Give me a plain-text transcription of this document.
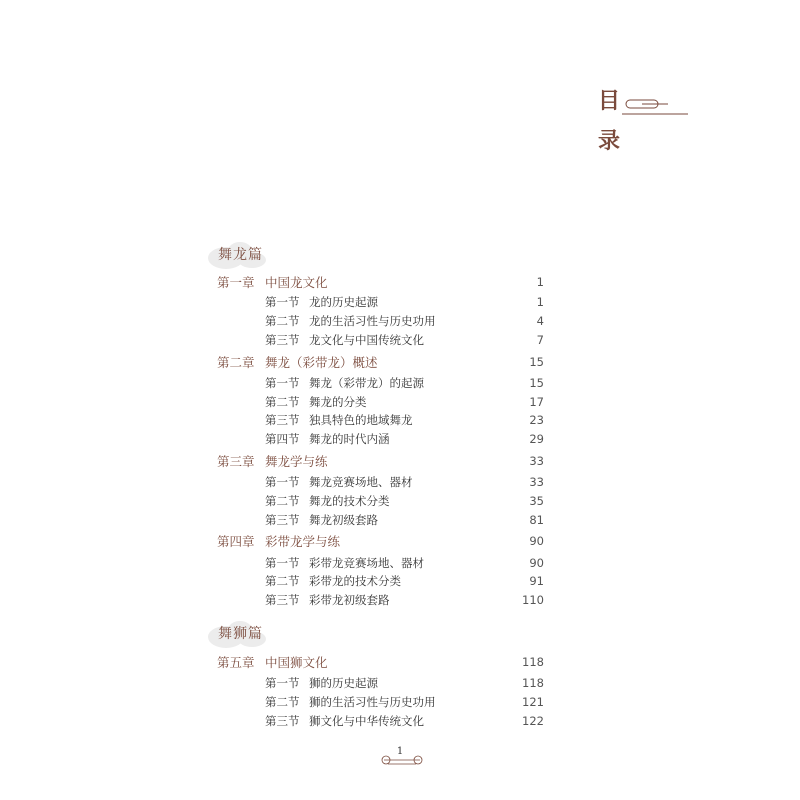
目
录
舞龙篇
第一章 中国龙文化	1
第一节 龙的历史起源	1
第二节 龙的生活习性与历史功用	4
第三节 龙文化与中国传统文化	7
第二章 舞龙（彩带龙）概述	15
第一节 舞龙（彩带龙）的起源	15
第二节 舞龙的分类	17
第三节 独具特色的地域舞龙	23
第四节 舞龙的时代内涵	29
第三章 舞龙学与练	33
第一节 舞龙竞赛场地、器材	33
第二节 舞龙的技术分类	35
第三节 舞龙初级套路	81
第四章 彩带龙学与练	90
第一节 彩带龙竞赛场地、器材	90
第二节 彩带龙的技术分类	91
第三节 彩带龙初级套路	110
舞狮篇
第五章 中国狮文化	118
第一节 狮的历史起源	118
第二节 狮的生活习性与历史功用	121
第三节 狮文化与中华传统文化	122
1
